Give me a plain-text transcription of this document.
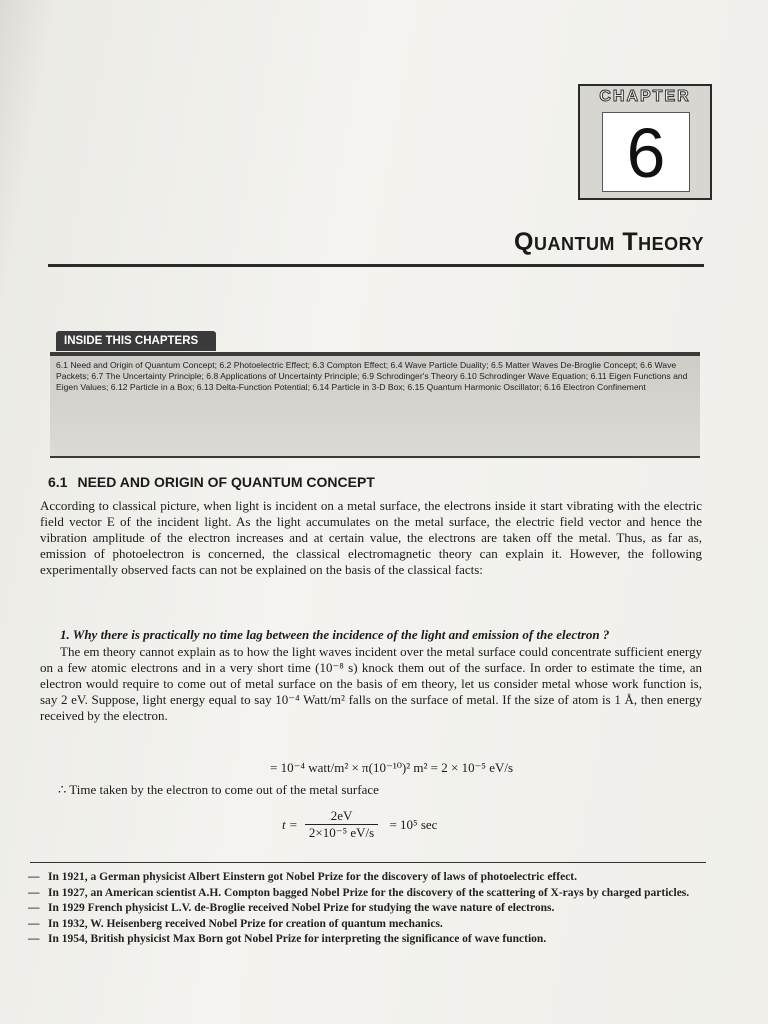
CHAPTER
6
Quantum Theory
INSIDE THIS CHAPTERS
6.1 Need and Origin of Quantum Concept; 6.2 Photoelectric Effect; 6.3 Compton Effect; 6.4 Wave Particle Duality; 6.5 Matter Waves De-Broglie Concept; 6.6 Wave Packets; 6.7 The Uncertainty Principle; 6.8 Applications of Uncertainty Principle; 6.9 Schrodinger's Theory 6.10 Schrodinger Wave Equation; 6.11 Eigen Functions and Eigen Values; 6.12 Particle in a Box; 6.13 Delta-Function Potential; 6.14 Particle in 3-D Box; 6.15 Quantum Harmonic Oscillator; 6.16 Electron Confinement
6.1 NEED AND ORIGIN OF QUANTUM CONCEPT
According to classical picture, when light is incident on a metal surface, the electrons inside it start vibrating with the electric field vector E of the incident light. As the light accumulates on the metal surface, the electric field vector and hence the vibration amplitude of the electron increases and at certain value, the electrons are taken off the metal. Thus, as far as, emission of photoelectron is concerned, the classical electromagnetic theory can explain it. However, the following experimentally observed facts can not be explained on the basis of the classical facts:
1. Why there is practically no time lag between the incidence of the light and emission of the electron ?
The em theory cannot explain as to how the light waves incident over the metal surface could concentrate sufficient energy on a few atomic electrons and in a very short time (10⁻⁸ s) knock them out of the surface. In order to estimate the time, an electron would require to come out of metal surface on the basis of em theory, let us consider metal whose work function is, say 2 eV. Suppose, light energy equal to say 10⁻⁴ Watt/m² falls on the surface of metal. If the size of atom is 1 Å, then energy received by the electron.
= 10⁻⁴ watt/m² × π(10⁻¹⁰)² m² = 2 × 10⁻⁵ eV/s
∴ Time taken by the electron to come out of the metal surface
$t = \frac{2eV}{\text{2×10⁻⁵ eV/s}} = 10^5$ sec
— In 1921, a German physicist Albert Einstern got Nobel Prize for the discovery of laws of photoelectric effect.
— In 1927, an American scientist A.H. Compton bagged Nobel Prize for the discovery of the scattering of X-rays by charged particles.
— In 1929 French physicist L.V. de-Broglie received Nobel Prize for studying the wave nature of electrons.
— In 1932, W. Heisenberg received Nobel Prize for creation of quantum mechanics.
— In 1954, British physicist Max Born got Nobel Prize for interpreting the significance of wave function.
